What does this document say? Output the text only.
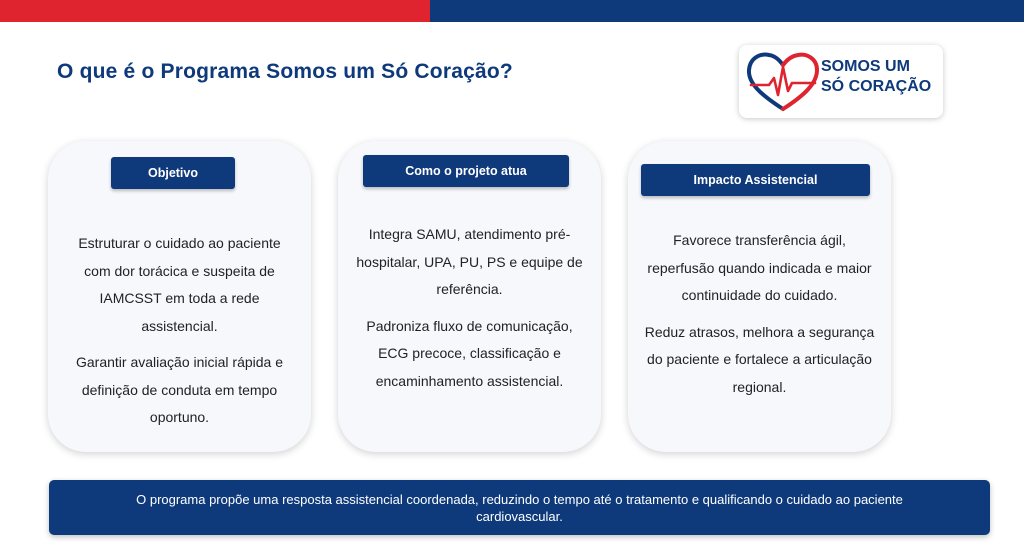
O que é o Programa Somos um Só Coração?	SOMOS UM
SÓ CORAÇÃO
Objetivo

Estruturar o cuidado ao paciente com dor torácica e suspeita de IAMCSST em toda a rede assistencial.

Garantir avaliação inicial rápida e definição de conduta em tempo oportuno.

Como o projeto atua

Integra SAMU, atendimento pré-hospitalar, UPA, PU, PS e equipe de referência.

Padroniza fluxo de comunicação, ECG precoce, classificação e encaminhamento assistencial.

Impacto Assistencial

Favorece transferência ágil, reperfusão quando indicada e maior continuidade do cuidado.

Reduz atrasos, melhora a segurança do paciente e fortalece a articulação regional.

O programa propõe uma resposta assistencial coordenada, reduzindo o tempo até o tratamento e qualificando o cuidado ao paciente cardiovascular.
